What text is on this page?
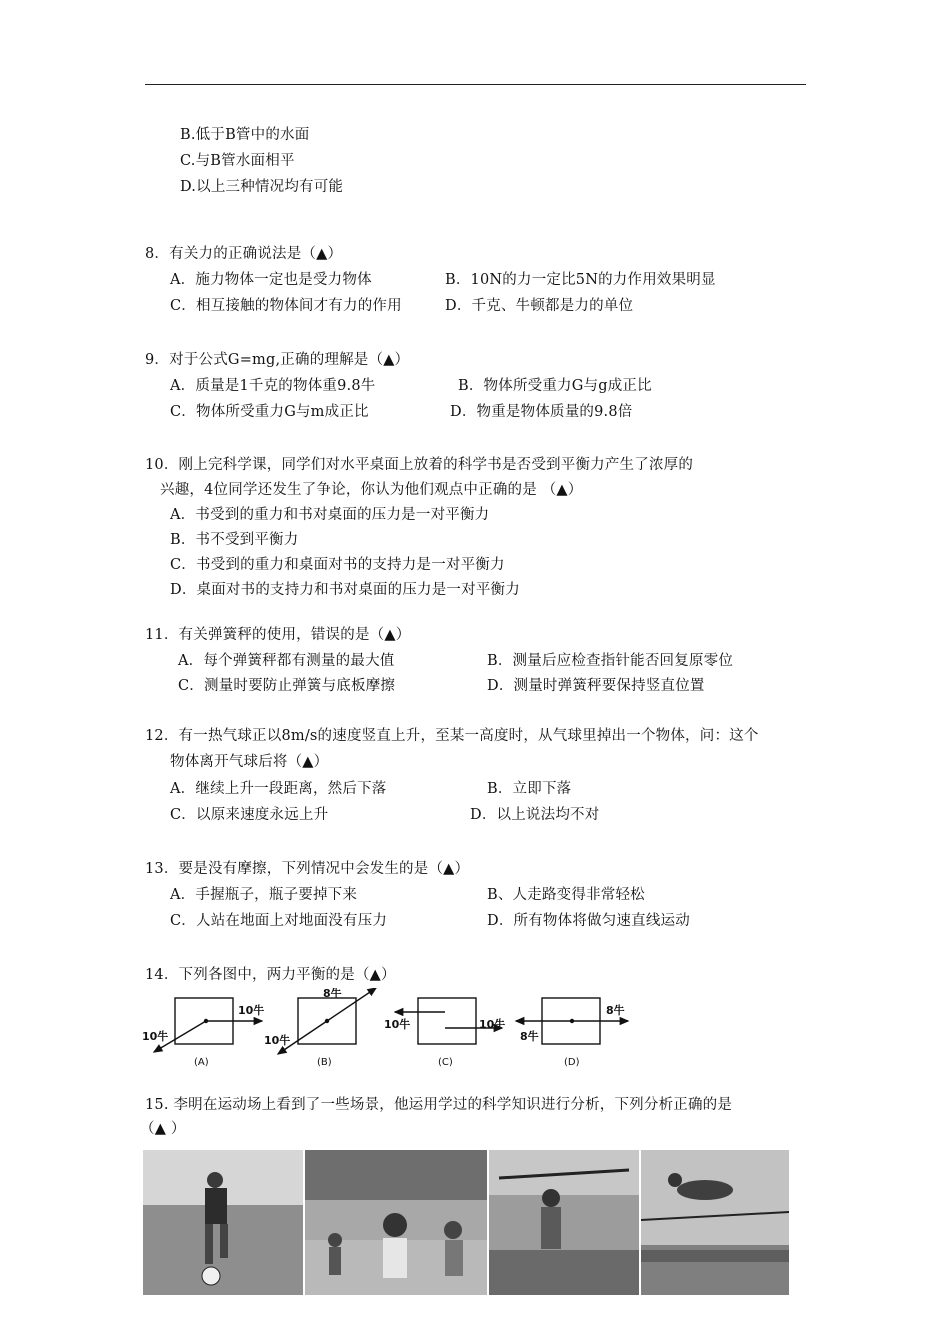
B.低于B管中的水面
C.与B管水面相平
D.以上三种情况均有可能
8．有关力的正确说法是（▲）
A．施力物体一定也是受力物体	B．10N的力一定比5N的力作用效果明显
C．相互接触的物体间才有力的作用	D．千克、牛顿都是力的单位
9．对于公式G=mg,正确的理解是（▲）
A．质量是1千克的物体重9.8牛	B．物体所受重力G与g成正比
C．物体所受重力G与m成正比	D．物重是物体质量的9.8倍
10．刚上完科学课，同学们对水平桌面上放着的科学书是否受到平衡力产生了浓厚的
兴趣，4位同学还发生了争论，你认为他们观点中正确的是 （▲）
A．书受到的重力和书对桌面的压力是一对平衡力
B．书不受到平衡力
C．书受到的重力和桌面对书的支持力是一对平衡力
D．桌面对书的支持力和书对桌面的压力是一对平衡力
11．有关弹簧秤的使用，错误的是（▲）
A．每个弹簧秤都有测量的最大值	B．测量后应检查指针能否回复原零位
C．测量时要防止弹簧与底板摩擦	D．测量时弹簧秤要保持竖直位置
12．有一热气球正以8m/s的速度竖直上升，至某一高度时，从气球里掉出一个物体，问：这个
物体离开气球后将（▲）
A．继续上升一段距离，然后下落	B．立即下落
C．以原来速度永远上升	D．以上说法均不对
13．要是没有摩擦，下列情况中会发生的是（▲）
A．手握瓶子，瓶子要掉下来	B、人走路变得非常轻松
C．人站在地面上对地面没有压力	D．所有物体将做匀速直线运动
14．下列各图中，两力平衡的是（▲）
10牛
10牛
(A)
8牛
10牛
(B)
10牛	10牛
(C)
8牛
8牛
(D)
15. 李明在运动场上看到了一些场景，他运用学过的科学知识进行分析，下列分析正确的是
（▲ ）
